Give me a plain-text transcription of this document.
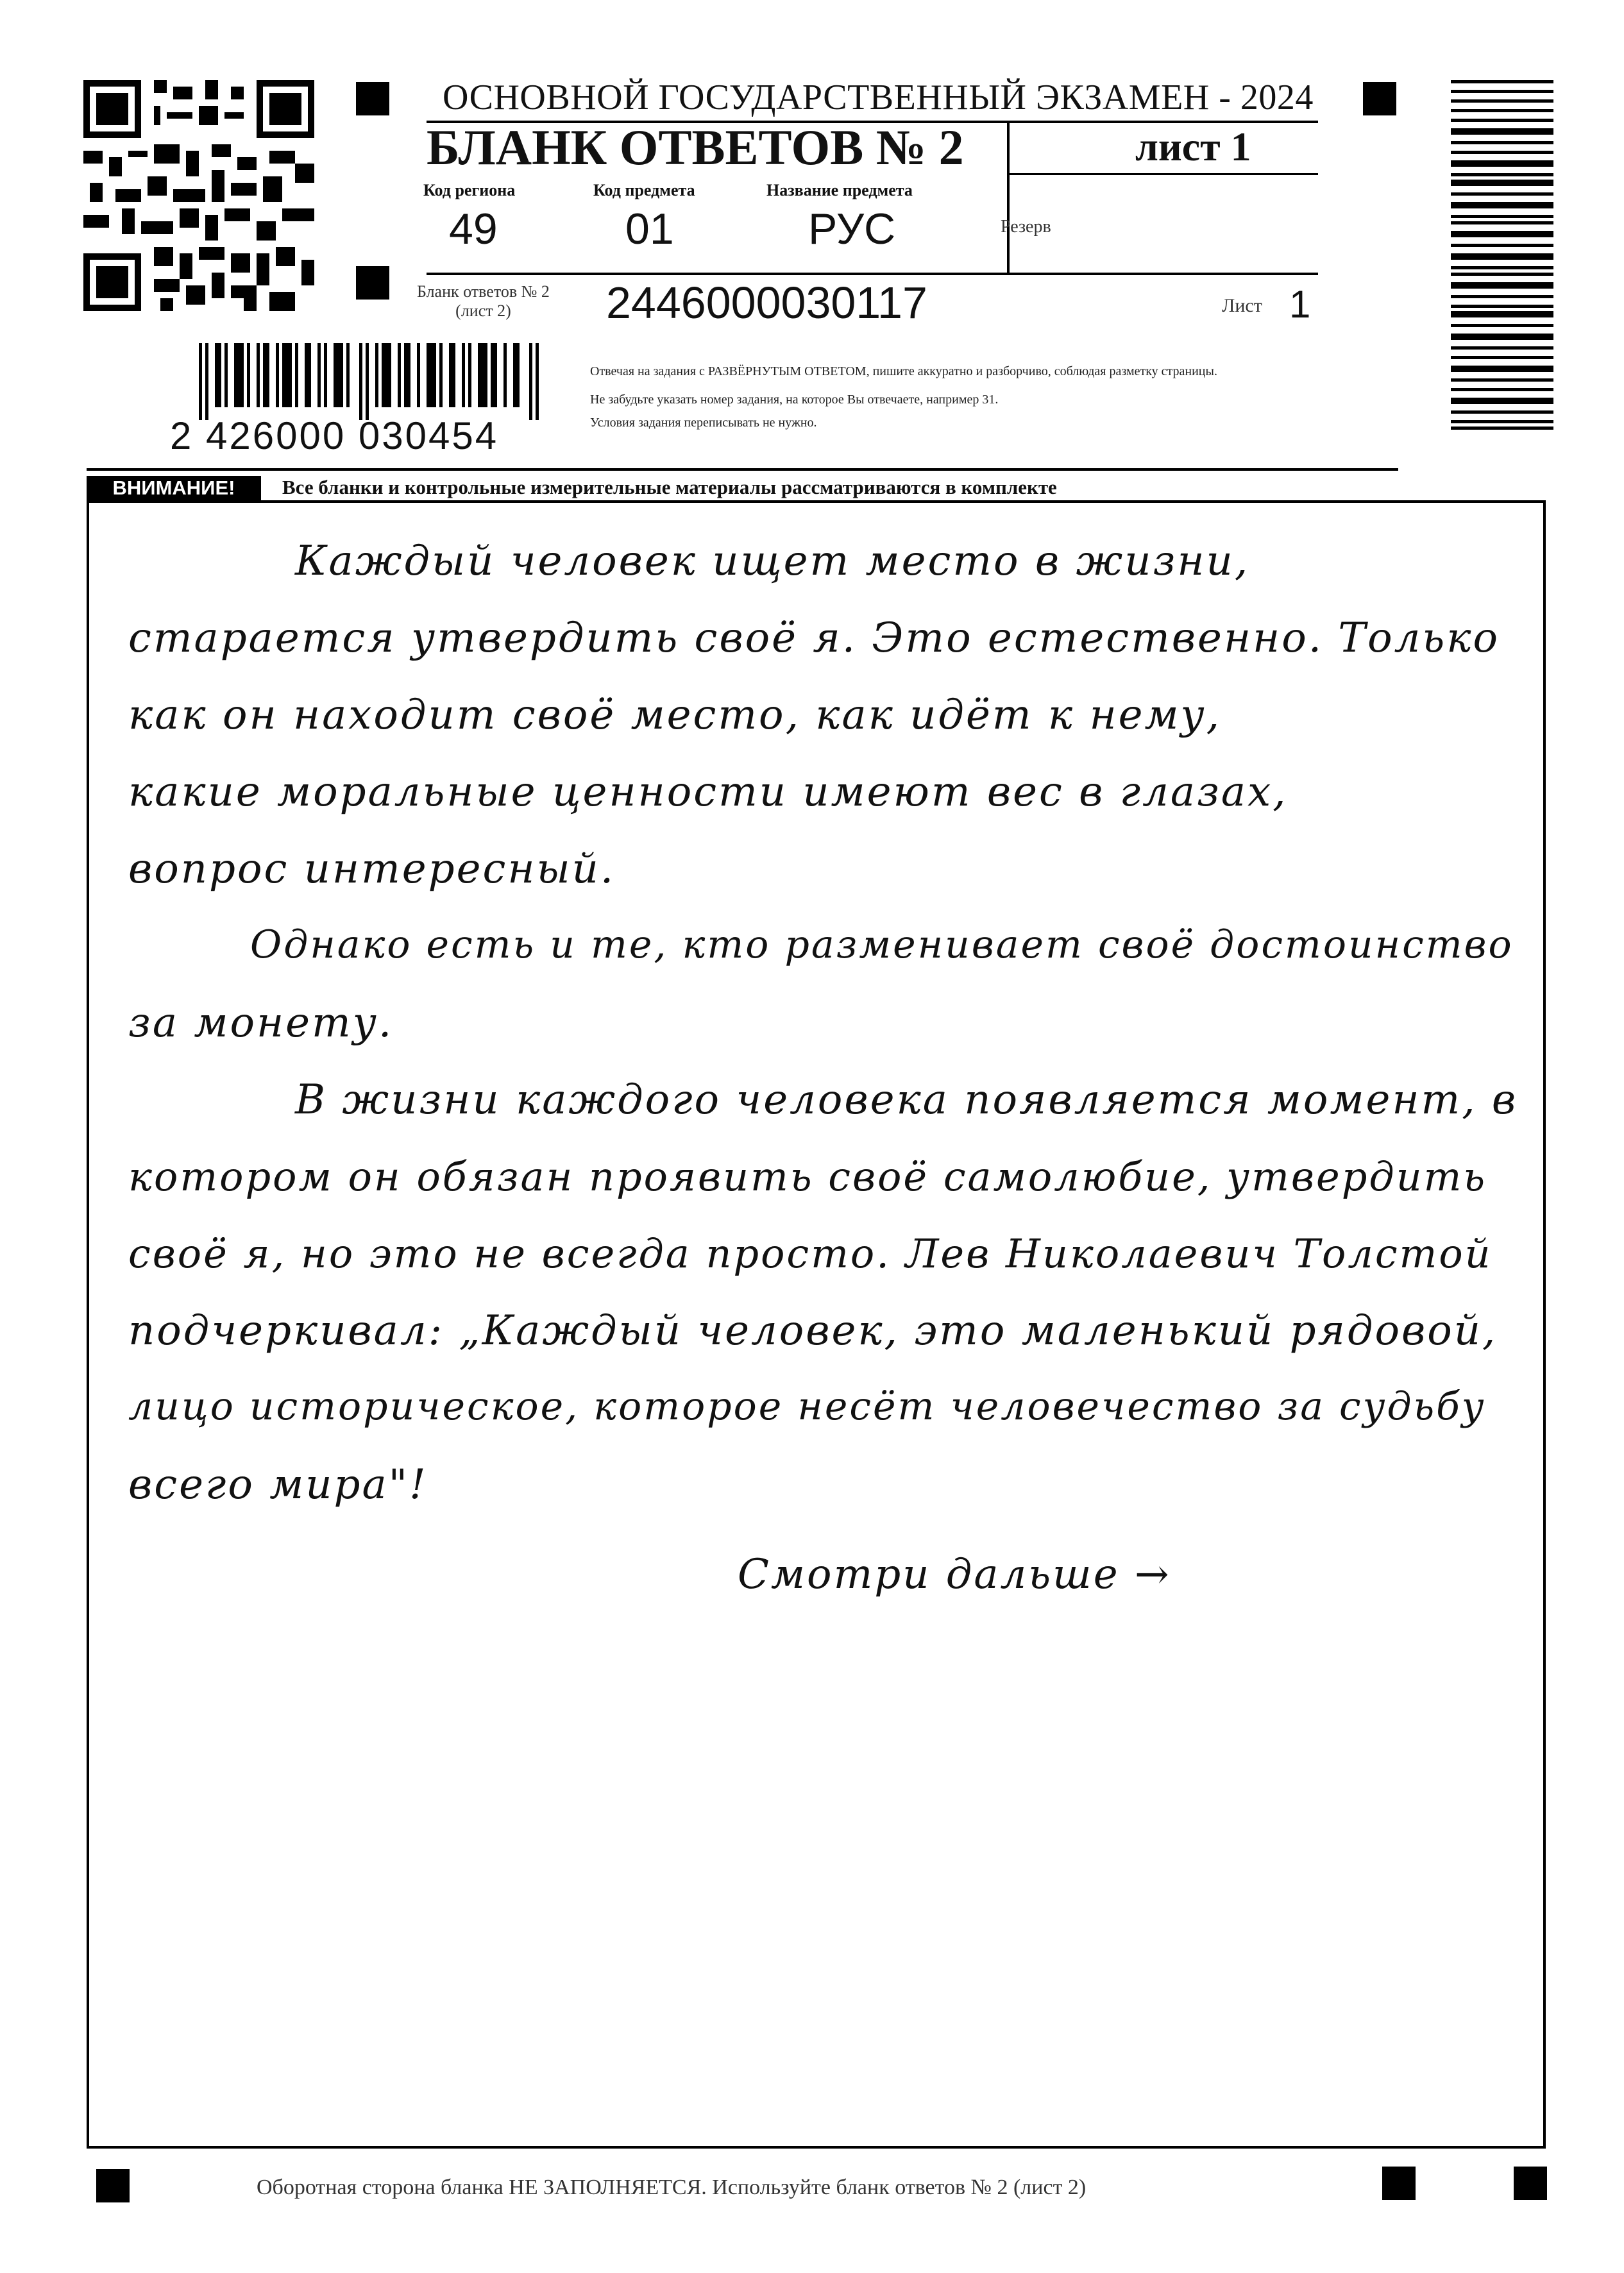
ОСНОВНОЙ ГОСУДАРСТВЕННЫЙ ЭКЗАМЕН - 2024
БЛАНК ОТВЕТОВ № 2	лист 1
Код региона
49
Код предмета
01
Название предмета
РУС	Резерв
Бланк ответов № 2
(лист 2)	2446000030117	Лист 1
2 426000 030454
Отвечая на задания с РАЗВЁРНУТЫМ ОТВЕТОМ, пишите аккуратно и разборчиво, соблюдая разметку страницы.
Не забудьте указать номер задания, на которое Вы отвечаете, например 31.
Условия задания переписывать не нужно.
ВНИМАНИЕ!	Все бланки и контрольные измерительные материалы рассматриваются в комплекте
Каждый человек ищет место в жизни,
старается утвердить своё я. Это естественно. Только
как он находит своё место, как идёт к нему,
какие моральные ценности имеют вес в глазах,
вопрос интересный.
Однако есть и те, кто разменивает своё достоинство
за монету.
В жизни каждого человека появляется момент, в
котором он обязан проявить своё самолюбие, утвердить
своё я, но это не всегда просто. Лев Николаевич Толстой
подчеркивал: „Каждый человек, это маленький рядовой,
лицо историческое, которое несёт человечество за судьбу
всего мира"!
Смотри дальше →
Оборотная сторона бланка НЕ ЗАПОЛНЯЕТСЯ. Используйте бланк ответов № 2 (лист 2)
